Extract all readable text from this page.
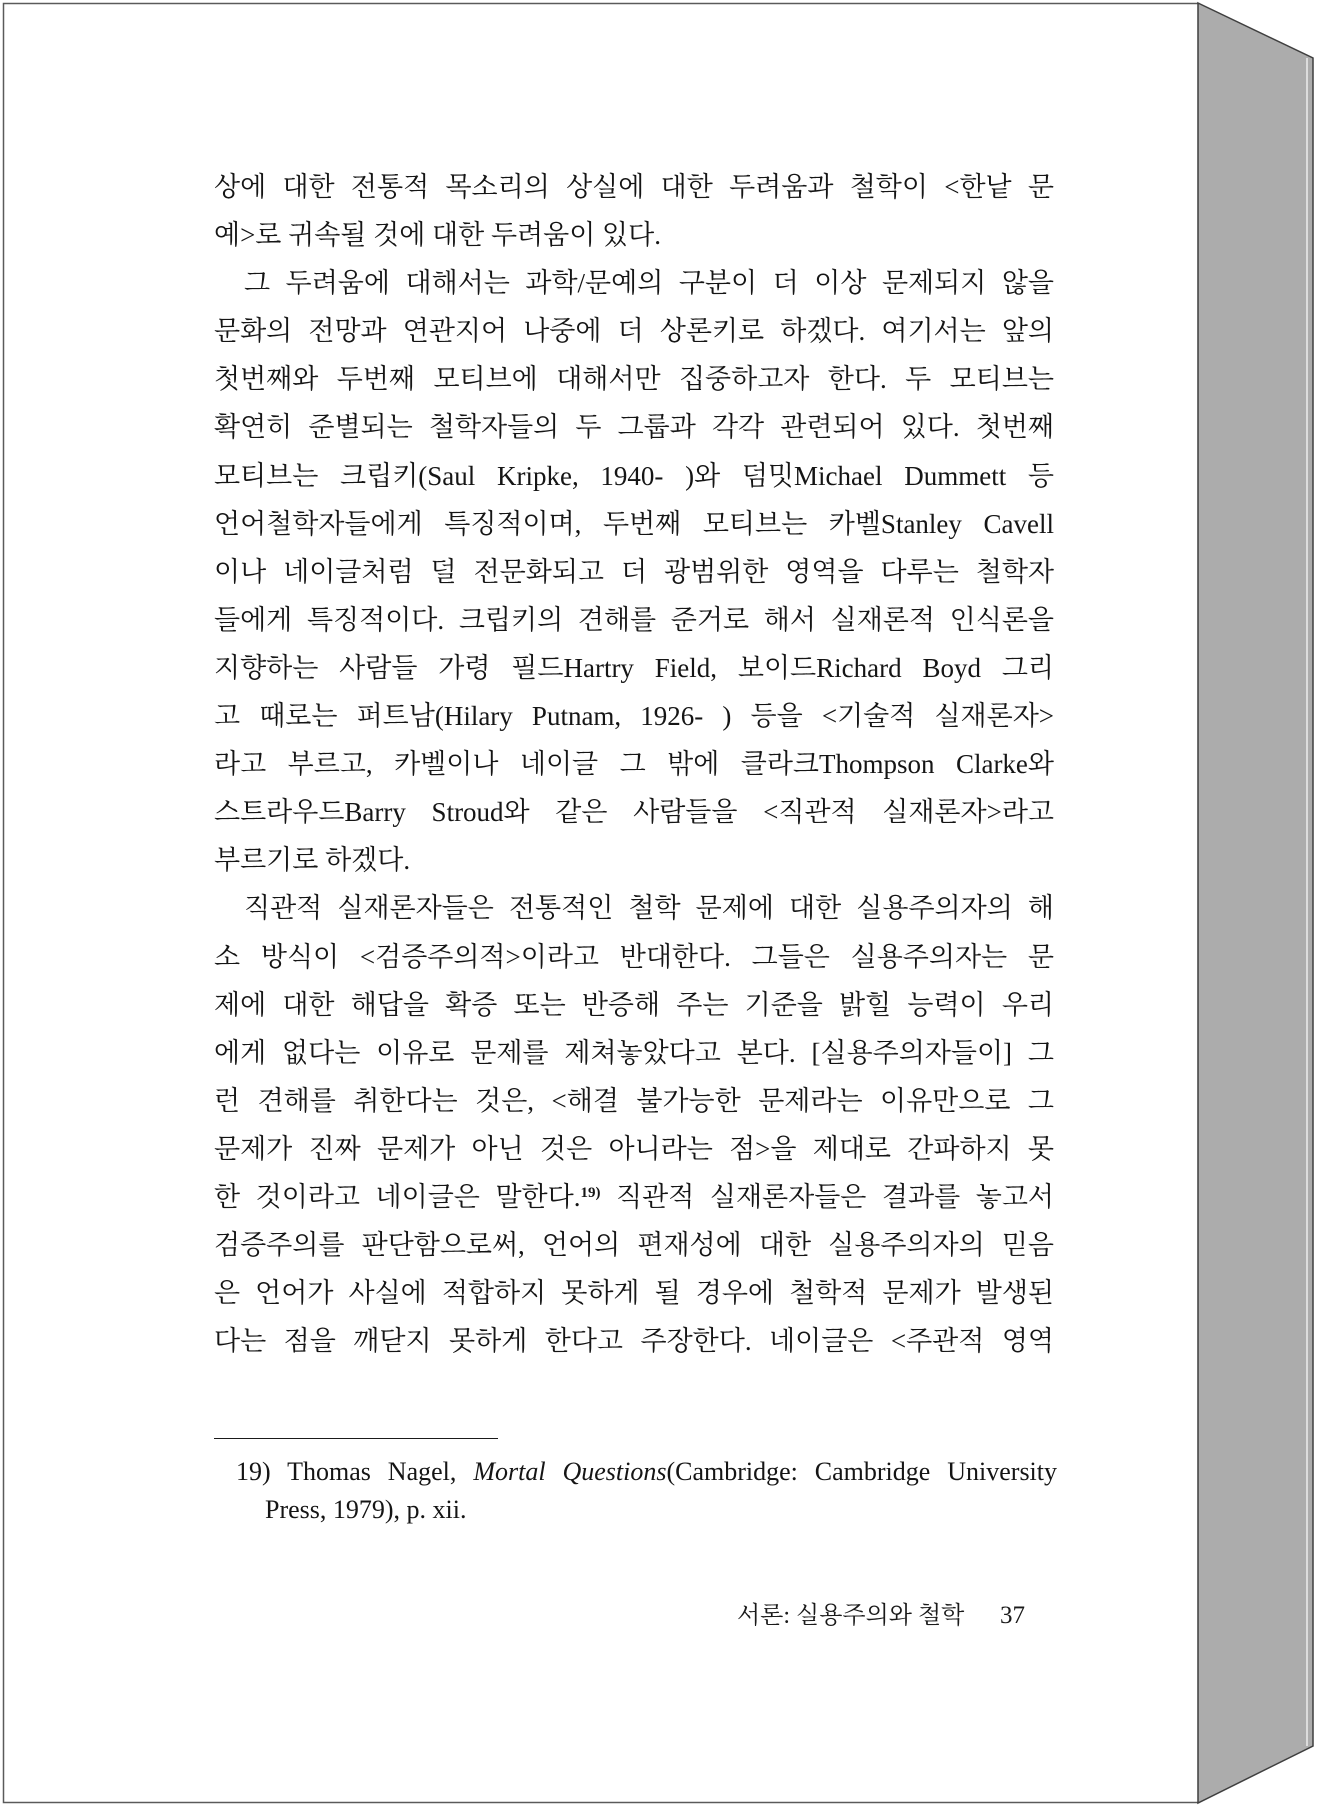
상에 대한 전통적 목소리의 상실에 대한 두려움과 철학이 <한낱 문
예>로 귀속될 것에 대한 두려움이 있다.
그 두려움에 대해서는 과학/문예의 구분이 더 이상 문제되지 않을
문화의 전망과 연관지어 나중에 더 상론키로 하겠다. 여기서는 앞의
첫번째와 두번째 모티브에 대해서만 집중하고자 한다. 두 모티브는
확연히 준별되는 철학자들의 두 그룹과 각각 관련되어 있다. 첫번째
모티브는 크립키(Saul Kripke, 1940- )와 덤밋Michael Dummett 등
언어철학자들에게 특징적이며, 두번째 모티브는 카벨Stanley Cavell
이나 네이글처럼 덜 전문화되고 더 광범위한 영역을 다루는 철학자
들에게 특징적이다. 크립키의 견해를 준거로 해서 실재론적 인식론을
지향하는 사람들 가령 필드Hartry Field, 보이드Richard Boyd 그리
고 때로는 퍼트남(Hilary Putnam, 1926- ) 등을 <기술적 실재론자>
라고 부르고, 카벨이나 네이글 그 밖에 클라크Thompson Clarke와
스트라우드Barry Stroud와 같은 사람들을 <직관적 실재론자>라고
부르기로 하겠다.
직관적 실재론자들은 전통적인 철학 문제에 대한 실용주의자의 해
소 방식이 <검증주의적>이라고 반대한다. 그들은 실용주의자는 문
제에 대한 해답을 확증 또는 반증해 주는 기준을 밝힐 능력이 우리
에게 없다는 이유로 문제를 제쳐놓았다고 본다. [실용주의자들이] 그
런 견해를 취한다는 것은, <해결 불가능한 문제라는 이유만으로 그
문제가 진짜 문제가 아닌 것은 아니라는 점>을 제대로 간파하지 못
한 것이라고 네이글은 말한다.$^{19)}$ 직관적 실재론자들은 결과를 놓고서
검증주의를 판단함으로써, 언어의 편재성에 대한 실용주의자의 믿음
은 언어가 사실에 적합하지 못하게 될 경우에 철학적 문제가 발생된
다는 점을 깨닫지 못하게 한다고 주장한다. 네이글은 <주관적 영역
19) Thomas Nagel, Mortal Questions(Cambridge: Cambridge University
Press, 1979), p. xii.
서론: 실용주의와 철학 37
